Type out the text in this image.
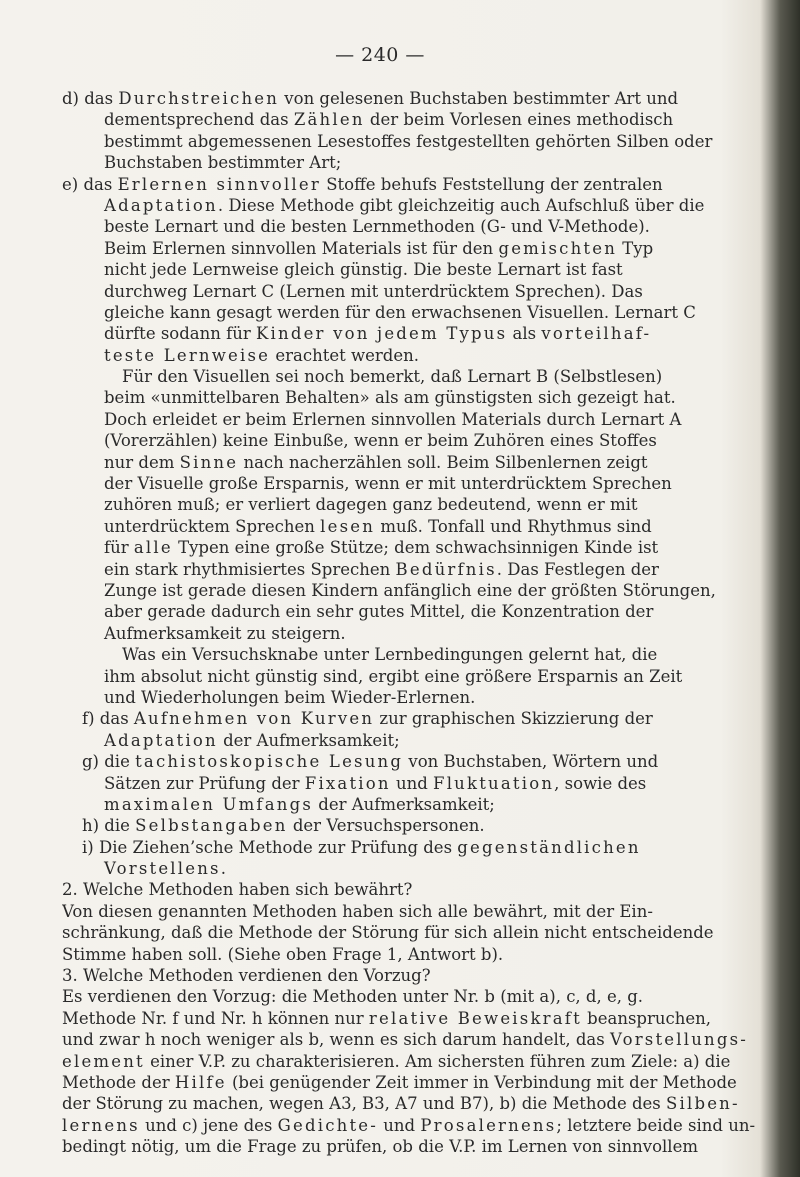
— 240 —
d) das Durchstreichen von gelesenen Buchstaben bestimmter Art und
dementsprechend das Zählen der beim Vorlesen eines methodisch
bestimmt abgemessenen Lesestoffes festgestellten gehörten Silben oder
Buchstaben bestimmter Art;
e) das Erlernen sinnvoller Stoffe behufs Feststellung der zentralen
Adaptation. Diese Methode gibt gleichzeitig auch Aufschluß über die
beste Lernart und die besten Lernmethoden (G- und V-Methode).
Beim Erlernen sinnvollen Materials ist für den gemischten Typ
nicht jede Lernweise gleich günstig. Die beste Lernart ist fast
durchweg Lernart C (Lernen mit unterdrücktem Sprechen). Das
gleiche kann gesagt werden für den erwachsenen Visuellen. Lernart C
dürfte sodann für Kinder von jedem Typus als vorteilhaf-
teste Lernweise erachtet werden.
Für den Visuellen sei noch bemerkt, daß Lernart B (Selbstlesen)
beim «unmittelbaren Behalten» als am günstigsten sich gezeigt hat.
Doch erleidet er beim Erlernen sinnvollen Materials durch Lernart A
(Vorerzählen) keine Einbuße, wenn er beim Zuhören eines Stoffes
nur dem Sinne nach nacherzählen soll. Beim Silbenlernen zeigt
der Visuelle große Ersparnis, wenn er mit unterdrücktem Sprechen
zuhören muß; er verliert dagegen ganz bedeutend, wenn er mit
unterdrücktem Sprechen lesen muß. Tonfall und Rhythmus sind
für alle Typen eine große Stütze; dem schwachsinnigen Kinde ist
ein stark rhythmisiertes Sprechen Bedürfnis. Das Festlegen der
Zunge ist gerade diesen Kindern anfänglich eine der größten Störungen,
aber gerade dadurch ein sehr gutes Mittel, die Konzentration der
Aufmerksamkeit zu steigern.
Was ein Versuchsknabe unter Lernbedingungen gelernt hat, die
ihm absolut nicht günstig sind, ergibt eine größere Ersparnis an Zeit
und Wiederholungen beim Wieder-Erlernen.
f) das Aufnehmen von Kurven zur graphischen Skizzierung der
Adaptation der Aufmerksamkeit;
g) die tachistoskopische Lesung von Buchstaben, Wörtern und
Sätzen zur Prüfung der Fixation und Fluktuation, sowie des
maximalen Umfangs der Aufmerksamkeit;
h) die Selbstangaben der Versuchspersonen.
i) Die Ziehen’sche Methode zur Prüfung des gegenständlichen
Vorstellens.
2. Welche Methoden haben sich bewährt?
Von diesen genannten Methoden haben sich alle bewährt, mit der Ein-
schränkung, daß die Methode der Störung für sich allein nicht entscheidende
Stimme haben soll. (Siehe oben Frage 1, Antwort b).
3. Welche Methoden verdienen den Vorzug?
Es verdienen den Vorzug: die Methoden unter Nr. b (mit a), c, d, e, g.
Methode Nr. f und Nr. h können nur relative Beweiskraft beanspruchen,
und zwar h noch weniger als b, wenn es sich darum handelt, das Vorstellungs-
element einer V.P. zu charakterisieren. Am sichersten führen zum Ziele: a) die
Methode der Hilfe (bei genügender Zeit immer in Verbindung mit der Methode
der Störung zu machen, wegen A3, B3, A7 und B7), b) die Methode des Silben-
lernens und c) jene des Gedichte- und Prosalernens; letztere beide sind un-
bedingt nötig, um die Frage zu prüfen, ob die V.P. im Lernen von sinnvollem
